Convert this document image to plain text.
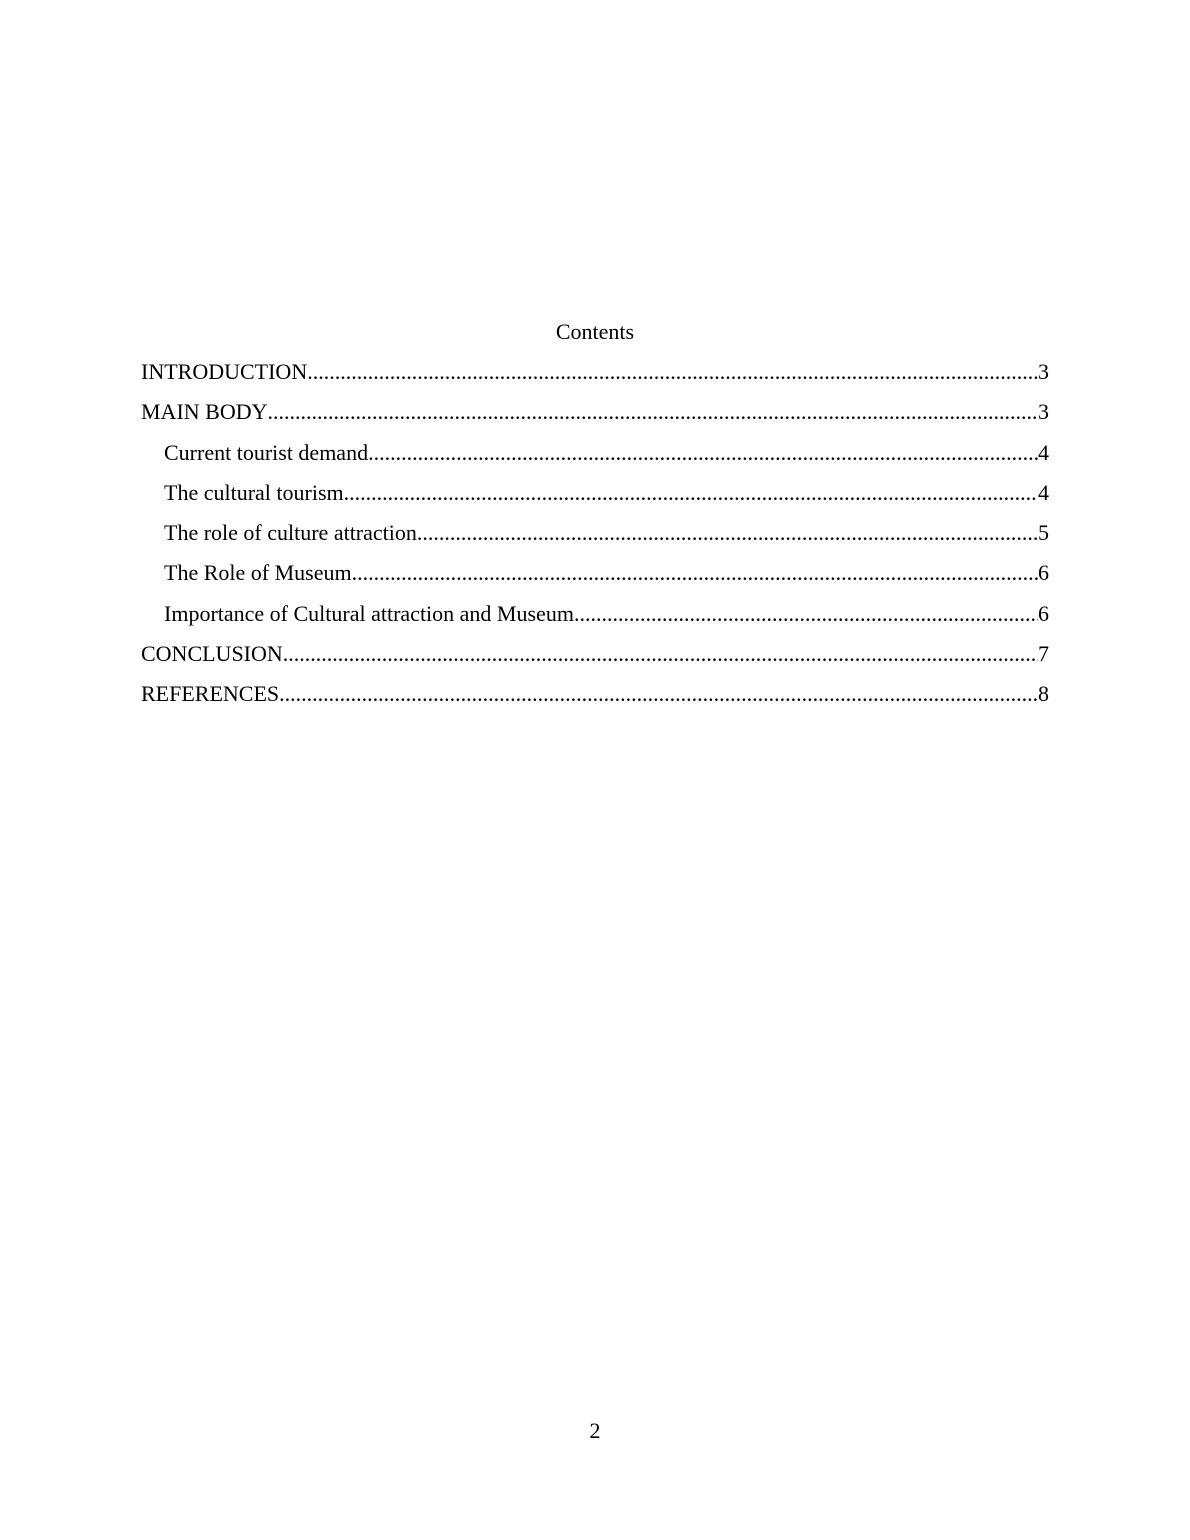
Contents
INTRODUCTION .....	3
MAIN BODY .....	3
Current tourist demand .....	4
The cultural tourism .....	4
The role of culture attraction .....	5
The Role of Museum .....	6
Importance of Cultural attraction and Museum .....	6
CONCLUSION .....	7
REFERENCES .....	8
2
